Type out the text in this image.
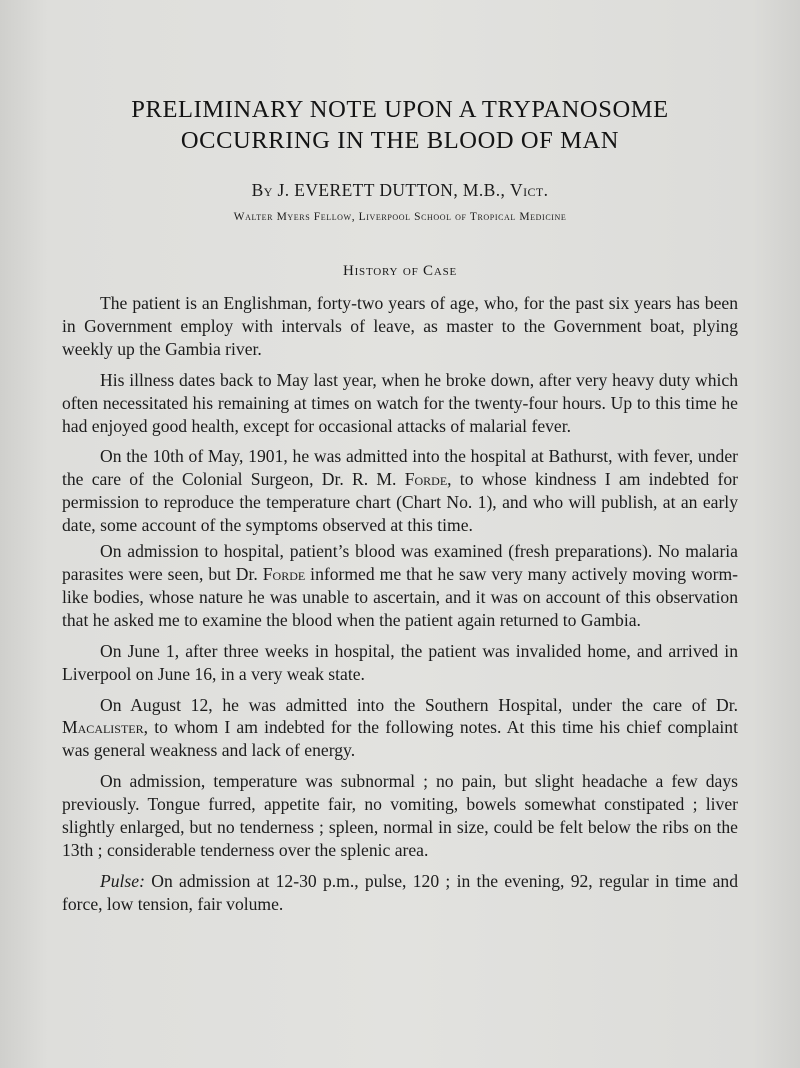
PRELIMINARY NOTE UPON A TRYPANOSOME
OCCURRING IN THE BLOOD OF MAN
By J. EVERETT DUTTON, M.B., Vict.
Walter Myers Fellow, Liverpool School of Tropical Medicine
History of Case

The patient is an Englishman, forty-two years of age, who, for the past six years has been in Government employ with intervals of leave, as master to the Government boat, plying weekly up the Gambia river.

His illness dates back to May last year, when he broke down, after very heavy duty which often necessitated his remaining at times on watch for the twenty-four hours. Up to this time he had enjoyed good health, except for occasional attacks of malarial fever.

On the 10th of May, 1901, he was admitted into the hospital at Bathurst, with fever, under the care of the Colonial Surgeon, Dr. R. M. Forde, to whose kindness I am indebted for permission to reproduce the temperature chart (Chart No. 1), and who will publish, at an early date, some account of the symptoms observed at this time.

On admission to hospital, patient’s blood was examined (fresh preparations). No malaria parasites were seen, but Dr. Forde informed me that he saw very many actively moving worm-like bodies, whose nature he was unable to ascertain, and it was on account of this observation that he asked me to examine the blood when the patient again returned to Gambia.

On June 1, after three weeks in hospital, the patient was invalided home, and arrived in Liverpool on June 16, in a very weak state.

On August 12, he was admitted into the Southern Hospital, under the care of Dr. Macalister, to whom I am indebted for the following notes. At this time his chief complaint was general weakness and lack of energy.

On admission, temperature was subnormal ; no pain, but slight headache a few days previously. Tongue furred, appetite fair, no vomiting, bowels somewhat constipated ; liver slightly enlarged, but no tenderness ; spleen, normal in size, could be felt below the ribs on the 13th ; considerable tenderness over the splenic area.

Pulse: On admission at 12-30 p.m., pulse, 120 ; in the evening, 92, regular in time and force, low tension, fair volume.
